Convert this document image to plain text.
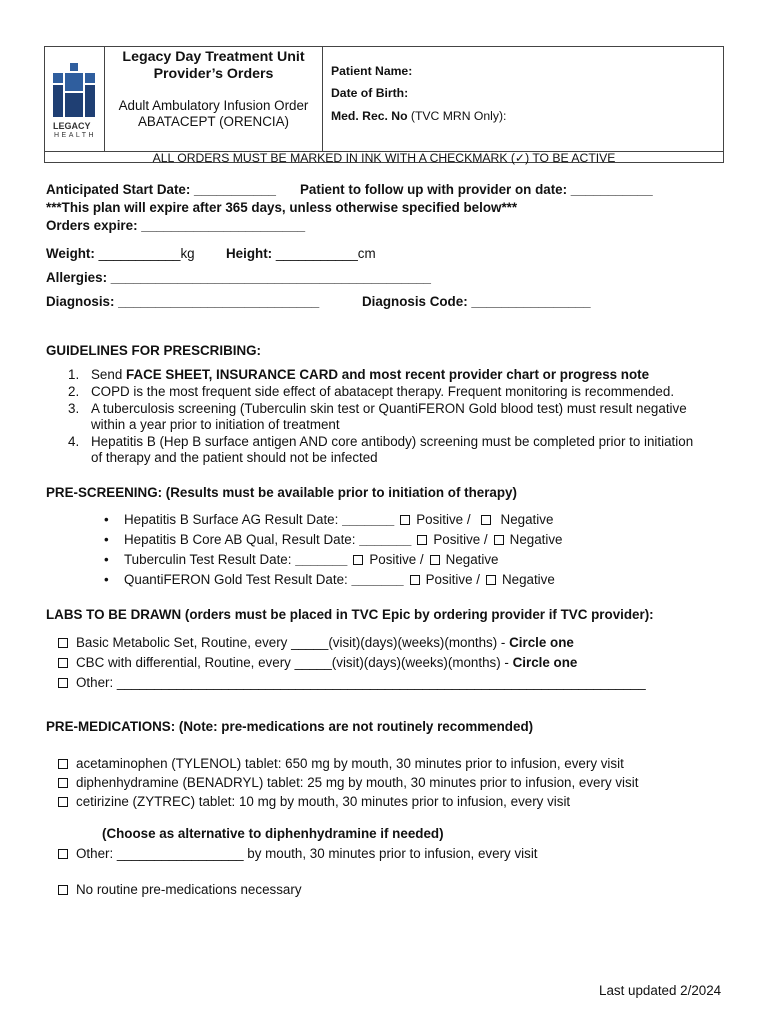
LEGACY
HEALTH
Legacy Day Treatment Unit
Provider’s Orders
Adult Ambulatory Infusion Order
ABATACEPT (ORENCIA)
Patient Name:
Date of Birth:
Med. Rec. No (TVC MRN Only):
ALL ORDERS MUST BE MARKED IN INK WITH A CHECKMARK (✓) TO BE ACTIVE
Anticipated Start Date: ___________ Patient to follow up with provider on date: ___________
***This plan will expire after 365 days, unless otherwise specified below***
Orders expire: ______________________
Weight: ___________kg Height: ___________cm
Allergies: ___________________________________________
Diagnosis: ___________________________	Diagnosis Code: ________________
GUIDELINES FOR PRESCRIBING:
1. Send FACE SHEET, INSURANCE CARD and most recent provider chart or progress note
2. COPD is the most frequent side effect of abatacept therapy. Frequent monitoring is recommended.
3. A tuberculosis screening (Tuberculin skin test or QuantiFERON Gold blood test) must result negative
within a year prior to initiation of treatment
4. Hepatitis B (Hep B surface antigen AND core antibody) screening must be completed prior to initiation
of therapy and the patient should not be infected
PRE-SCREENING: (Results must be available prior to initiation of therapy)
• Hepatitis B Surface AG Result Date: _______ Positive / Negative
• Hepatitis B Core AB Qual, Result Date: _______ Positive / Negative
• Tuberculin Test Result Date: _______ Positive / Negative
• QuantiFERON Gold Test Result Date: _______ Positive / Negative
LABS TO BE DRAWN (orders must be placed in TVC Epic by ordering provider if TVC provider):
Basic Metabolic Set, Routine, every _____(visit)(days)(weeks)(months) - Circle one
CBC with differential, Routine, every _____(visit)(days)(weeks)(months) - Circle one
Other: _______________________________________________________________________
PRE-MEDICATIONS: (Note: pre-medications are not routinely recommended)
acetaminophen (TYLENOL) tablet: 650 mg by mouth, 30 minutes prior to infusion, every visit
diphenhydramine (BENADRYL) tablet: 25 mg by mouth, 30 minutes prior to infusion, every visit
cetirizine (ZYTREC) tablet: 10 mg by mouth, 30 minutes prior to infusion, every visit
(Choose as alternative to diphenhydramine if needed)
Other: _________________ by mouth, 30 minutes prior to infusion, every visit
No routine pre-medications necessary
Last updated 2/2024
